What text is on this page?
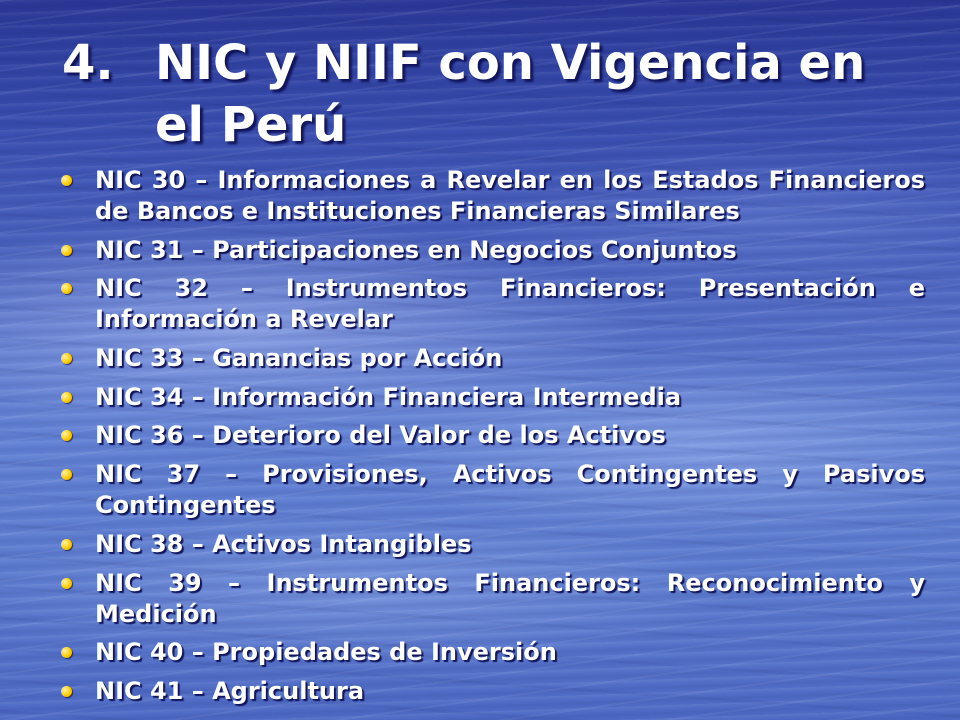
4. NIC y NIIF con Vigencia en el Perú
NIC 30 – Informaciones a Revelar en los Estados Financieros de Bancos e Instituciones Financieras Similares
NIC 31 – Participaciones en Negocios Conjuntos
NIC 32 – Instrumentos Financieros: Presentación e Información a Revelar
NIC 33 – Ganancias por Acción
NIC 34 – Información Financiera Intermedia
NIC 36 – Deterioro del Valor de los Activos
NIC 37 – Provisiones, Activos Contingentes y Pasivos Contingentes
NIC 38 – Activos Intangibles
NIC 39 – Instrumentos Financieros: Reconocimiento y Medición
NIC 40 – Propiedades de Inversión
NIC 41 – Agricultura
